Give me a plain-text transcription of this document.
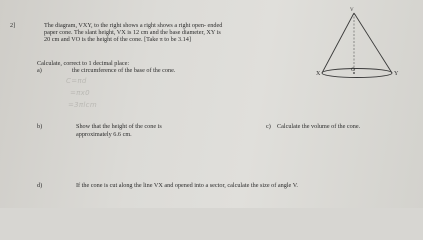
2]	The diagram, VXY, to the right shows a right shows a right open- ended
paper cone. The slant height, VX is 12 cm and the base diameter, XY is
20 cm and VO is the height of the cone. [Take π to be 3.14]
Calculate, correct to 1 decimal place:
a)	the circumference of the base of the cone.
C=πd
=πx0
=3πlcm
b)	Show that the height of the cone is
approximately 6.6 cm.
c) Calculate the volume of the cone.
d)	If the cone is cut along the line VX and opened into a sector, calculate the size of angle V.
V
X
O
Y
